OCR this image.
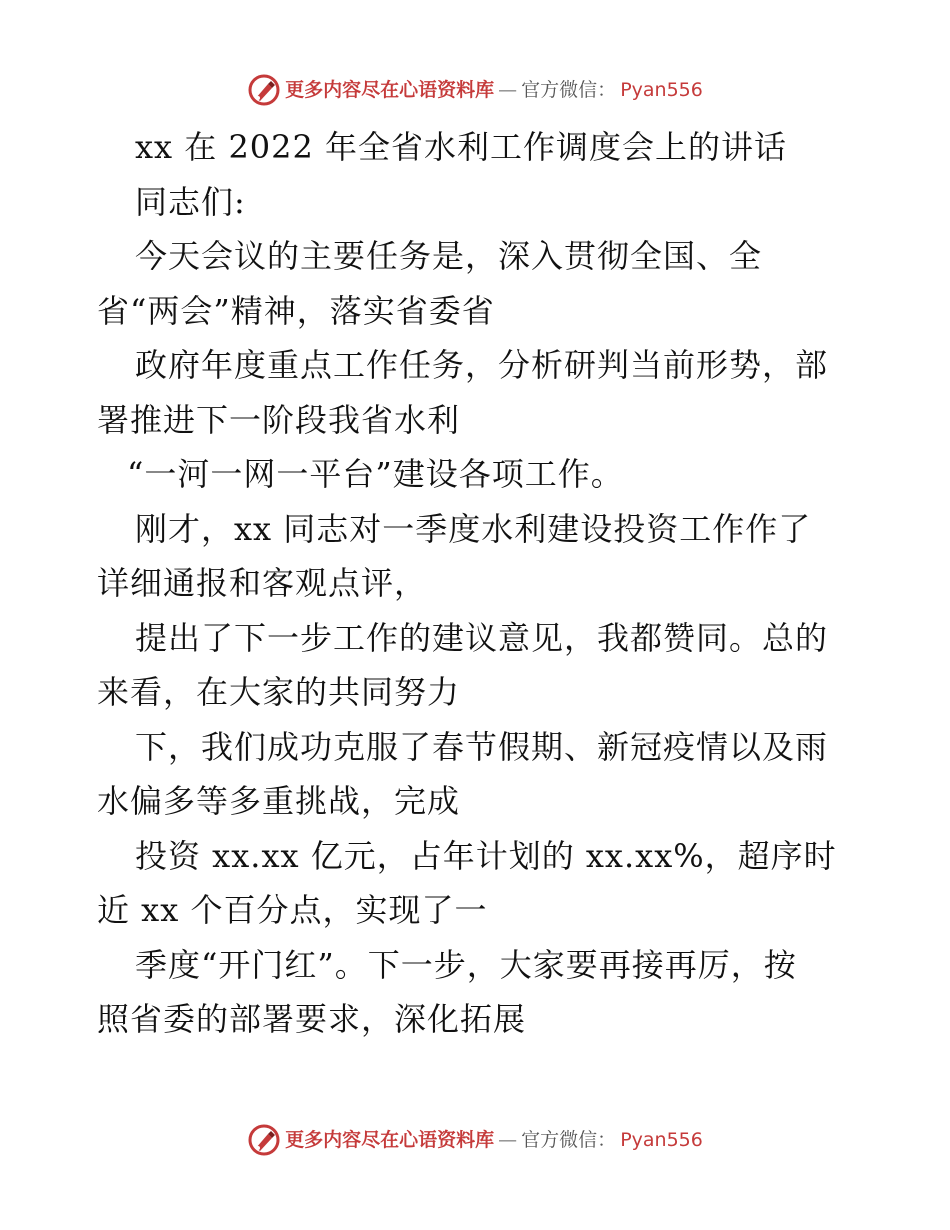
更多内容尽在心语资料库 — 官方微信： Pyan556
xx 在 2022 年全省水利工作调度会上的讲话
同志们:
今天会议的主要任务是，深入贯彻全国、全
省“两会”精神，落实省委省
政府年度重点工作任务，分析研判当前形势，部
署推进下一阶段我省水利
“一河一网一平台”建设各项工作。
刚才，xx 同志对一季度水利建设投资工作作了
详细通报和客观点评，
提出了下一步工作的建议意见，我都赞同。总的
来看，在大家的共同努力
下，我们成功克服了春节假期、新冠疫情以及雨
水偏多等多重挑战，完成
投资 xx.xx 亿元，占年计划的 xx.xx%，超序时
近 xx 个百分点，实现了一
季度“开门红”。下一步，大家要再接再厉，按
照省委的部署要求，深化拓展
更多内容尽在心语资料库 — 官方微信： Pyan556
